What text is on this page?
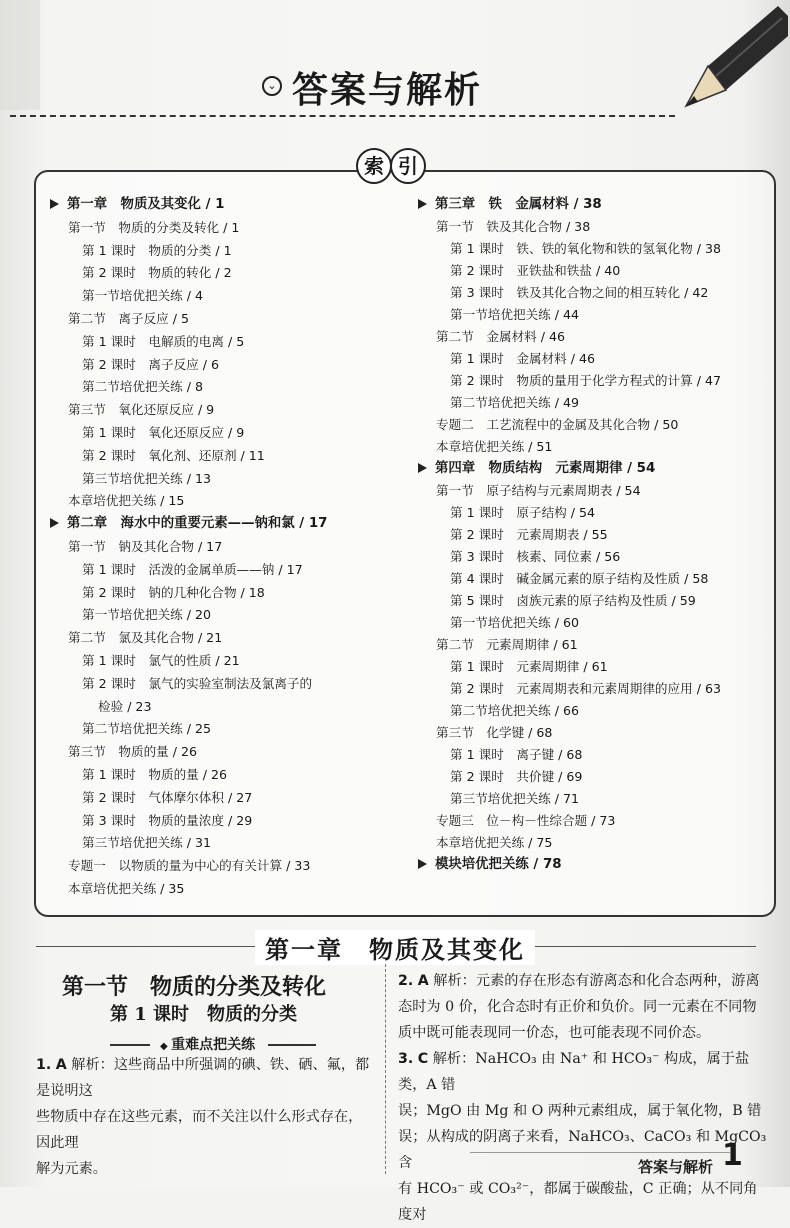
⌄ 答案与解析
索 引
第一章　物质及其变化 / 1
第一节　物质的分类及转化 / 1
第 1 课时　物质的分类 / 1
第 2 课时　物质的转化 / 2
第一节培优把关练 / 4
第二节　离子反应 / 5
第 1 课时　电解质的电离 / 5
第 2 课时　离子反应 / 6
第二节培优把关练 / 8
第三节　氧化还原反应 / 9
第 1 课时　氧化还原反应 / 9
第 2 课时　氧化剂、还原剂 / 11
第三节培优把关练 / 13
本章培优把关练 / 15
第二章　海水中的重要元素——钠和氯 / 17
第一节　钠及其化合物 / 17
第 1 课时　活泼的金属单质——钠 / 17
第 2 课时　钠的几种化合物 / 18
第一节培优把关练 / 20
第二节　氯及其化合物 / 21
第 1 课时　氯气的性质 / 21
第 2 课时　氯气的实验室制法及氯离子的
检验 / 23
第二节培优把关练 / 25
第三节　物质的量 / 26
第 1 课时　物质的量 / 26
第 2 课时　气体摩尔体积 / 27
第 3 课时　物质的量浓度 / 29
第三节培优把关练 / 31
专题一　以物质的量为中心的有关计算 / 33
本章培优把关练 / 35
第三章　铁　金属材料 / 38
第一节　铁及其化合物 / 38
第 1 课时　铁、铁的氧化物和铁的氢氧化物 / 38
第 2 课时　亚铁盐和铁盐 / 40
第 3 课时　铁及其化合物之间的相互转化 / 42
第一节培优把关练 / 44
第二节　金属材料 / 46
第 1 课时　金属材料 / 46
第 2 课时　物质的量用于化学方程式的计算 / 47
第二节培优把关练 / 49
专题二　工艺流程中的金属及其化合物 / 50
本章培优把关练 / 51
第四章　物质结构　元素周期律 / 54
第一节　原子结构与元素周期表 / 54
第 1 课时　原子结构 / 54
第 2 课时　元素周期表 / 55
第 3 课时　核素、同位素 / 56
第 4 课时　碱金属元素的原子结构及性质 / 58
第 5 课时　卤族元素的原子结构及性质 / 59
第一节培优把关练 / 60
第二节　元素周期律 / 61
第 1 课时　元素周期律 / 61
第 2 课时　元素周期表和元素周期律的应用 / 63
第二节培优把关练 / 66
第三节　化学键 / 68
第 1 课时　离子键 / 68
第 2 课时　共价键 / 69
第三节培优把关练 / 71
专题三　位－构－性综合题 / 73
本章培优把关练 / 75
模块培优把关练 / 78
第一章　物质及其变化
第一节　物质的分类及转化
第 1 课时　物质的分类
◆ 重难点把关练
1. A 解析：这些商品中所强调的碘、铁、硒、氟，都是说明这
些物质中存在这些元素，而不关注以什么形式存在，因此理
解为元素。
2. A 解析：元素的存在形态有游离态和化合态两种，游离
态时为 0 价，化合态时有正价和负价。同一元素在不同物
质中既可能表现同一价态，也可能表现不同价态。
3. C 解析：NaHCO₃ 由 Na⁺ 和 HCO₃⁻ 构成，属于盐类，A 错
误；MgO 由 Mg 和 O 两种元素组成，属于氧化物，B 错
误；从构成的阴离子来看，NaHCO₃、CaCO₃ 和 MgCO₃ 含
有 HCO₃⁻ 或 CO₃²⁻，都属于碳酸盐，C 正确；从不同角度对
答案与解析 1
